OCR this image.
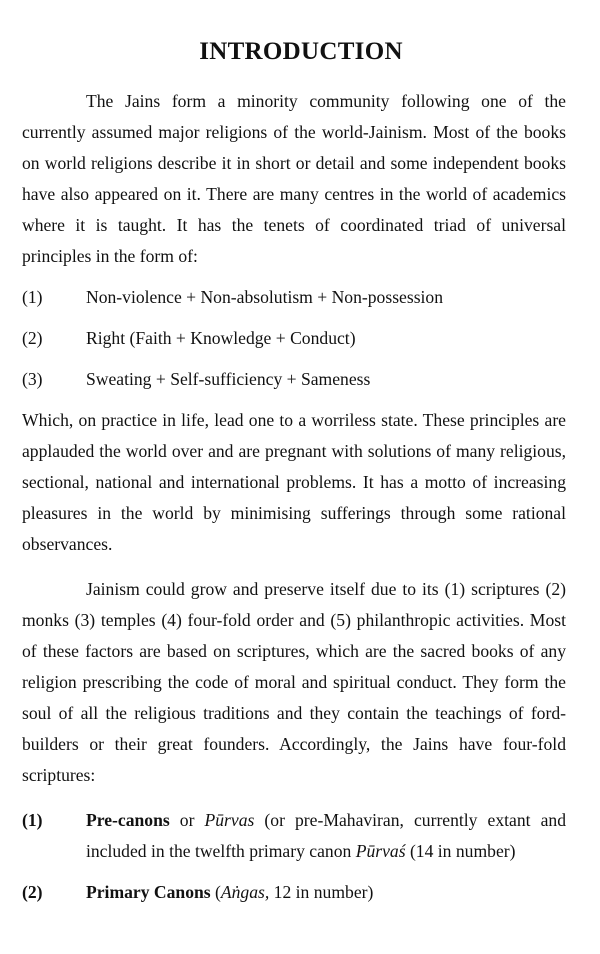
INTRODUCTION

The Jains form a minority community following one of the currently assumed major religions of the world-Jainism. Most of the books on world religions describe it in short or detail and some independent books have also appeared on it. There are many centres in the world of academics where it is taught. It has the tenets of coordinated triad of universal principles in the form of:

(1)	Non-violence + Non-absolutism + Non-possession
(2)	Right (Faith + Knowledge + Conduct)
(3)	Sweating + Self-sufficiency + Sameness

Which, on practice in life, lead one to a worriless state. These principles are applauded the world over and are pregnant with solutions of many religious, sectional, national and international problems. It has a motto of increasing pleasures in the world by minimising sufferings through some rational observances.

Jainism could grow and preserve itself due to its (1) scriptures (2) monks (3) temples (4) four-fold order and (5) philanthropic activities. Most of these factors are based on scriptures, which are the sacred books of any religion prescribing the code of moral and spiritual conduct. They form the soul of all the religious traditions and they contain the teachings of ford-builders or their great founders. Accordingly, the Jains have four-fold scriptures:

(1)	Pre-canons or Pūrvas (or pre-Mahaviran, currently extant and included in the twelfth primary canon Pūrvaś (14 in number)
(2)	Primary Canons (Aṅgas, 12 in number)
